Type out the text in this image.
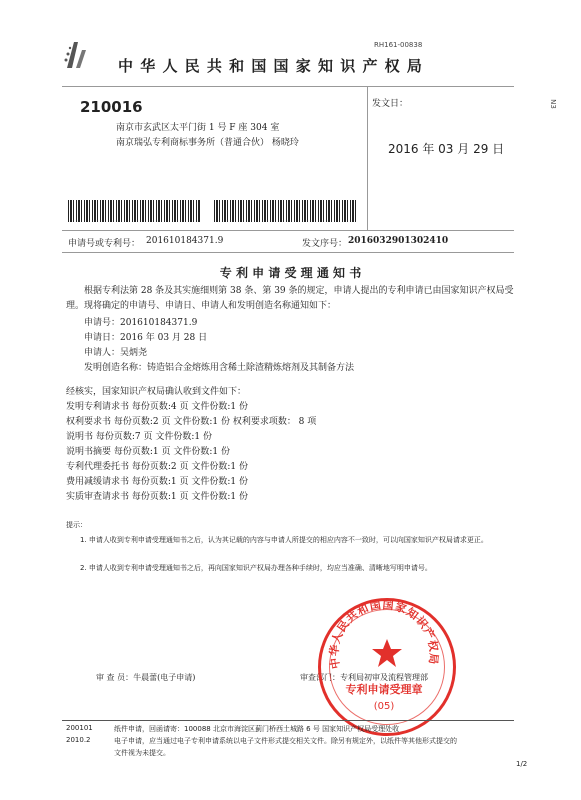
RH161-00838
中 华 人 民 共 和 国 国 家 知 识 产 权 局
N3
210016
南京市玄武区太平门街 1 号 F 座 304 室
南京瑞弘专利商标事务所（普通合伙） 杨晓玲
发文日：
2016 年 03 月 29 日
申请号或专利号： 201610184371.9	发文序号： 2016032901302410
专 利 申 请 受 理 通 知 书
根据专利法第 28 条及其实施细则第 38 条、第 39 条的规定，申请人提出的专利申请已由国家知识产权局受理。现将确定的申请号、申请日、申请人和发明创造名称通知如下：
申请号：201610184371.9
申请日：2016 年 03 月 28 日
申请人：吴炳尧
发明创造名称：铸造铝合金熔炼用含稀土除渣精炼熔剂及其制备方法
经核实，国家知识产权局确认收到文件如下：
发明专利请求书 每份页数:4 页 文件份数:1 份
权利要求书 每份页数:2 页 文件份数:1 份 权利要求项数： 8 项
说明书 每份页数:7 页 文件份数:1 份
说明书摘要 每份页数:1 页 文件份数:1 份
专利代理委托书 每份页数:2 页 文件份数:1 份
费用减缓请求书 每份页数:1 页 文件份数:1 份
实质审查请求书 每份页数:1 页 文件份数:1 份
提示：
1. 申请人收到专利申请受理通知书之后，认为其记载的内容与申请人所提交的相应内容不一致时，可以向国家知识产权局请求更正。
2. 申请人收到专利申请受理通知书之后，再向国家知识产权局办理各种手续时，均应当准确、清晰地写明申请号。
审 查 员：牛晨蕾(电子申请)	审查部门：专利局初审及流程管理部
中华人民共和国国家知识产权局
专利申请受理章
(05)
200101
2010.2
纸件申请，回函请寄：100088 北京市海淀区蓟门桥西土城路 6 号 国家知识产权局受理处收
电子申请，应当通过电子专利申请系统以电子文件形式提交相关文件。除另有规定外，以纸件等其他形式提交的
文件视为未提交。
1/2
